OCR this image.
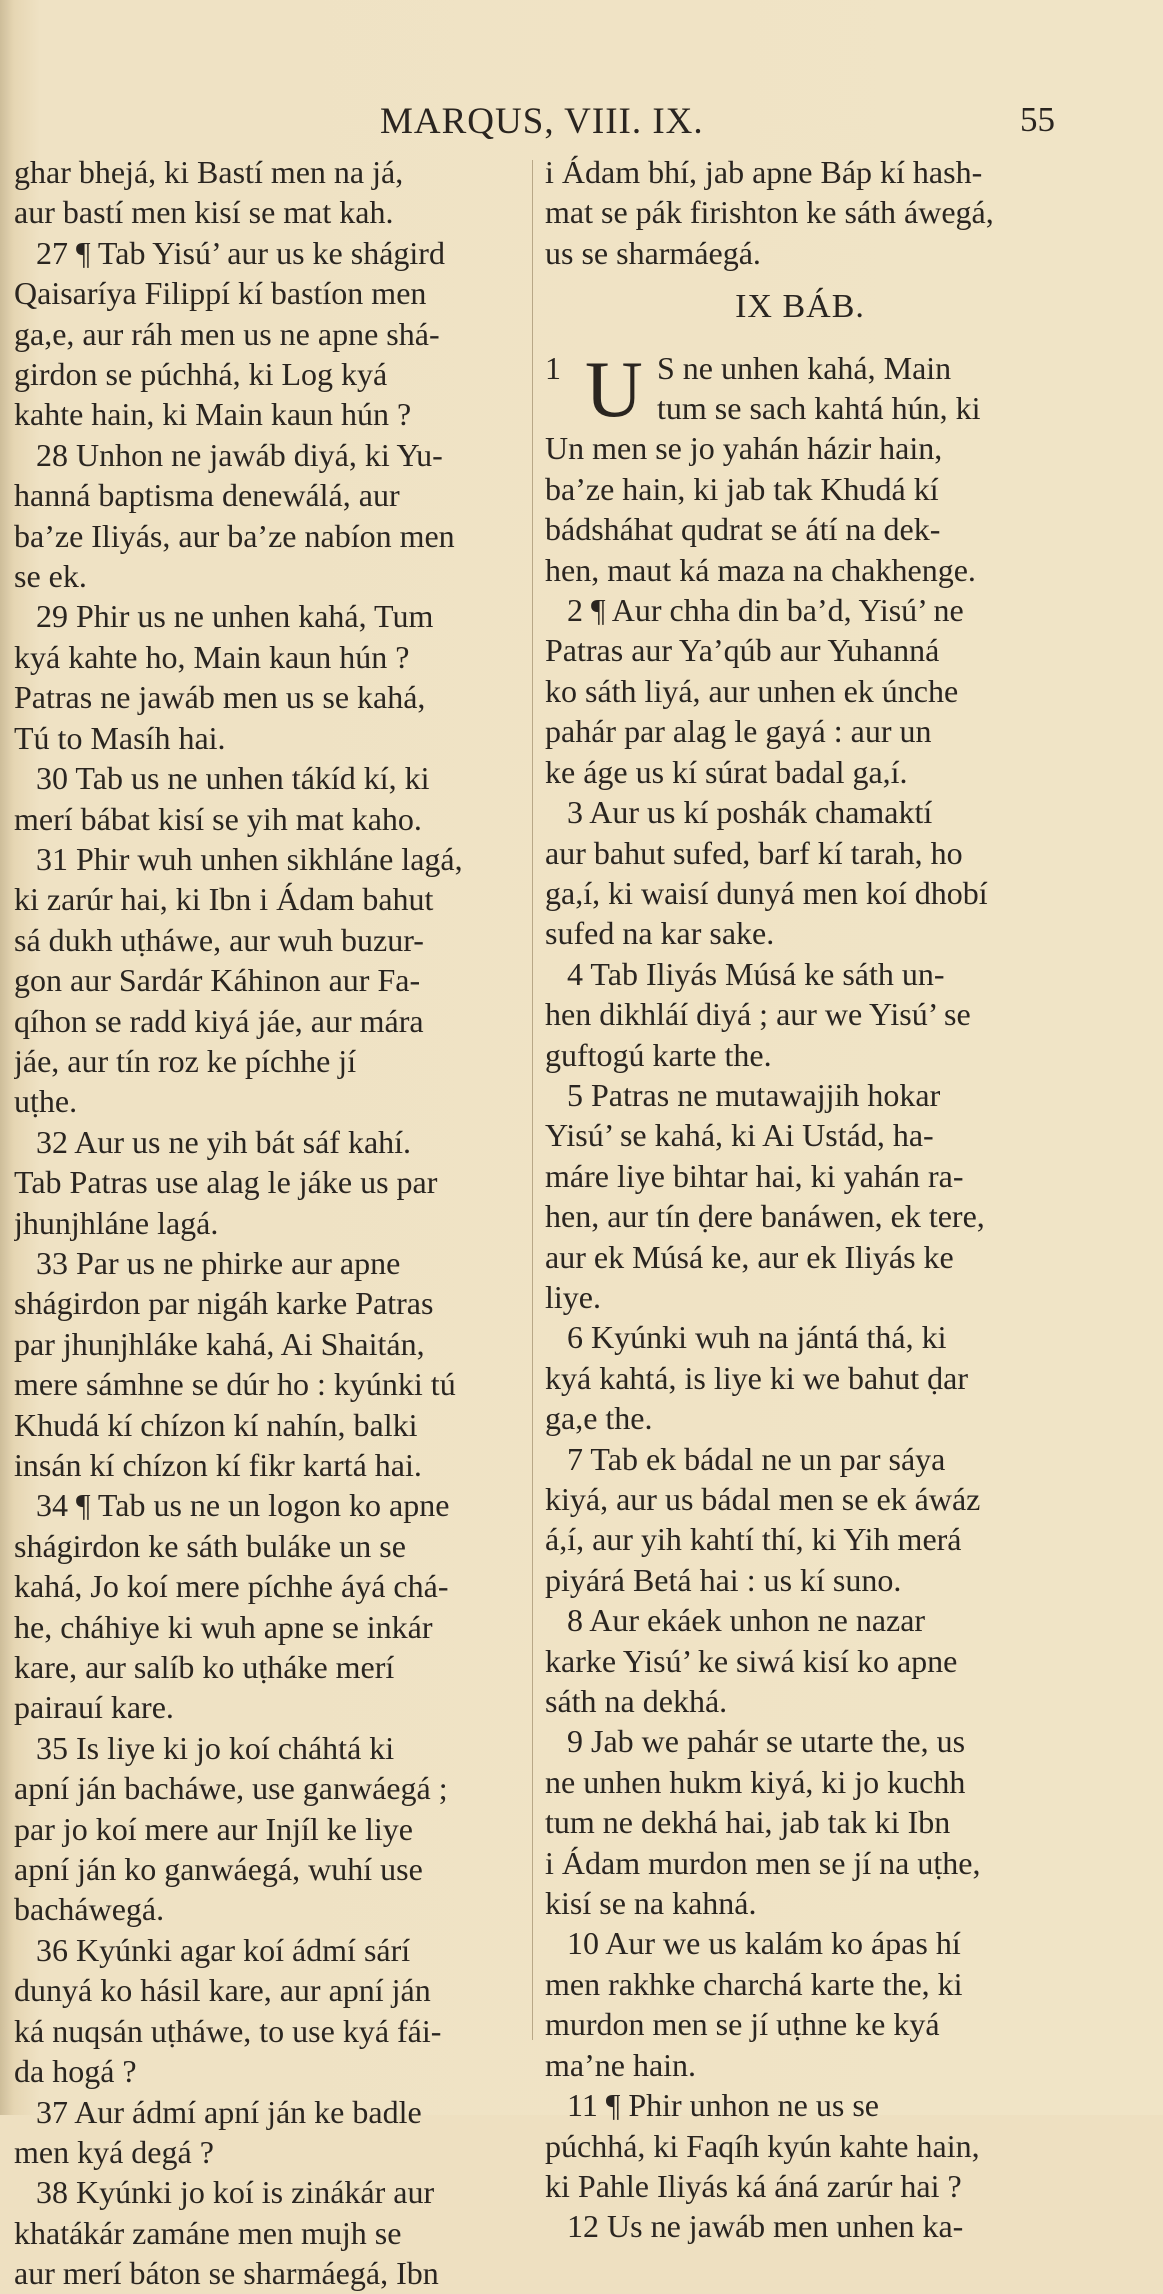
MARQUS, VIII. IX.	55
ghar bhejá, ki Bastí men na já,
aur bastí men kisí se mat kah.
27 ¶ Tab Yisú’ aur us ke shágird
Qaisaríya Filippí kí bastíon men
ga,e, aur ráh men us ne apne shá-
girdon se púchhá, ki Log kyá
kahte hain, ki Main kaun hún ?
28 Unhon ne jawáb diyá, ki Yu-
hanná baptisma denewálá, aur
ba’ze Iliyás, aur ba’ze nabíon men
se ek.
29 Phir us ne unhen kahá, Tum
kyá kahte ho, Main kaun hún ?
Patras ne jawáb men us se kahá,
Tú to Masíh hai.
30 Tab us ne unhen tákíd kí, ki
merí bábat kisí se yih mat kaho.
31 Phir wuh unhen sikhláne lagá,
ki zarúr hai, ki Ibn i Ádam bahut
sá dukh uṭháwe, aur wuh buzur-
gon aur Sardár Káhinon aur Fa-
qíhon se radd kiyá jáe, aur mára
jáe, aur tín roz ke píchhe jí
uṭhe.
32 Aur us ne yih bát sáf kahí.
Tab Patras use alag le jáke us par
jhunjhláne lagá.
33 Par us ne phirke aur apne
shágirdon par nigáh karke Patras
par jhunjhláke kahá, Ai Shaitán,
mere sámhne se dúr ho : kyúnki tú
Khudá kí chízon kí nahín, balki
insán kí chízon kí fikr kartá hai.
34 ¶ Tab us ne un logon ko apne
shágirdon ke sáth buláke un se
kahá, Jo koí mere píchhe áyá chá-
he, cháhiye ki wuh apne se inkár
kare, aur salíb ko uṭháke merí
pairauí kare.
35 Is liye ki jo koí cháhtá ki
apní ján bacháwe, use ganwáegá ;
par jo koí mere aur Injíl ke liye
apní ján ko ganwáegá, wuhí use
bacháwegá.
36 Kyúnki agar koí ádmí sárí
dunyá ko hásil kare, aur apní ján
ká nuqsán uṭháwe, to use kyá fái-
da hogá ?
37 Aur ádmí apní ján ke badle
men kyá degá ?
38 Kyúnki jo koí is zinákár aur
khatákár zamáne men mujh se
aur merí báton se sharmáegá, Ibn
i Ádam bhí, jab apne Báp kí hash-
mat se pák firishton ke sáth áwegá,
us se sharmáegá.
IX BÁB.
1 U S ne unhen kahá, Main
tum se sach kahtá hún, ki
Un men se jo yahán házir hain,
ba’ze hain, ki jab tak Khudá kí
bádsháhat qudrat se átí na dek-
hen, maut ká maza na chakhenge.
2 ¶ Aur chha din ba’d, Yisú’ ne
Patras aur Ya’qúb aur Yuhanná
ko sáth liyá, aur unhen ek únche
pahár par alag le gayá : aur un
ke áge us kí súrat badal ga,í.
3 Aur us kí poshák chamaktí
aur bahut sufed, barf kí tarah, ho
ga,í, ki waisí dunyá men koí dhobí
sufed na kar sake.
4 Tab Iliyás Músá ke sáth un-
hen dikhláí diyá ; aur we Yisú’ se
guftogú karte the.
5 Patras ne mutawajjih hokar
Yisú’ se kahá, ki Ai Ustád, ha-
máre liye bihtar hai, ki yahán ra-
hen, aur tín ḍere banáwen, ek tere,
aur ek Músá ke, aur ek Iliyás ke
liye.
6 Kyúnki wuh na jántá thá, ki
kyá kahtá, is liye ki we bahut ḍar
ga,e the.
7 Tab ek bádal ne un par sáya
kiyá, aur us bádal men se ek áwáz
á,í, aur yih kahtí thí, ki Yih merá
piyárá Betá hai : us kí suno.
8 Aur ekáek unhon ne nazar
karke Yisú’ ke siwá kisí ko apne
sáth na dekhá.
9 Jab we pahár se utarte the, us
ne unhen hukm kiyá, ki jo kuchh
tum ne dekhá hai, jab tak ki Ibn
i Ádam murdon men se jí na uṭhe,
kisí se na kahná.
10 Aur we us kalám ko ápas hí
men rakhke charchá karte the, ki
murdon men se jí uṭhne ke kyá
ma’ne hain.
11 ¶ Phir unhon ne us se
púchhá, ki Faqíh kyún kahte hain,
ki Pahle Iliyás ká áná zarúr hai ?
12 Us ne jawáb men unhen ka-
